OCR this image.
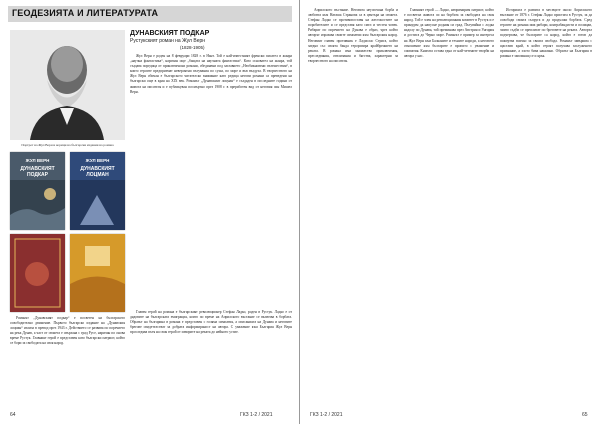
ГЕОДЕЗИЯТА И ЛИТЕРАТУРАТА
ДУНАВСКИЯТ ПОДКАР
Рустукският роман на Жул Верн
(1828-1905)

Жул Верн е роден на 8 февруари 1828 г. в Нант. Той е най-известният френски писател в жанра „научна фантастика“, наричан още „бащата на научната фантастика“. Като основател на жанра, той създава поредица от приключенски романи, обединени под заглавието „Необикновени пътешествия“, в които героите предприемат невероятни пътувания по суша, по море и във въздуха. В творчеството на Жул Верн обичан е българското читателско внимание като редица негови романи са преведени на български още в края на XIX век. Романът „Дунавският лоцман“ е създаден в последните години от живота на писателя и е публикуван посмъртно през 1908 г. в преработен вид от неговия син Мишел Верн.

Портрет на Жул Верн и корици на български издания на романа
ЖУЛ ВЕРН
ДУНАВСКИЯТ ПОДКАР
ЖУЛ ВЕРН
ДУНАВСКИЯТ ЛОЦМАН

Романът „Дунавският подкар“ е посветен на българското освободително движение. Първото българско издание на „Дунавския лоцман“ излиза в превод през 1943 г. Действието се развива по поречието на река Дунав, а част от сюжета е свързана с град Русе, наричан по онова време Рустук. Главният герой е представен като български патриот, който се бори за свободата на своя народ.

Главен герой на романа е българският революционер Стефан Ладко, роден в Рустук. Ладко е от дядовите на българската емиграция, които по време на Априлското въстание се включва в борбата. Образът на българина в романа е представен с голяма симпатия, а описанията на Дунава и неговите брегове свидетелстват за добрата информираност на автора. С уважение към България Жул Верн проследява пътя на своя герой от изворите на реката до нейното устие.

64	ГКЗ 1-2 / 2021

Априлското въстание. Неговата неуспешна борба и любовта към Наташа Странова са в центъра на сюжета. Стефан Ладко се противопоставя на жестокостите на поробителите и се представя като смел и честен човек. Рибарят по поречието на Дунава е образ, чрез който авторът изразява своите симпатии към българския народ. Неговият главен противник е Ладислас Стрига, който заедно със своята банда тероризира крайбрежието на реката. В романа има множество приключения, преследвания, отвличания и бягства, характерни за творчеството на писателя.

Главният герой — Ладко, непримирим патриот, който е посветил живота си на борбата за свободата на своя народ. Той е член на революционния комитет в Рустук и е принуден да напусне родния си град. Пътувайки с лодка надолу по Дунава, той преминава през Австрия и Унгария и достига до Черно море. Романът е пример за интереса на Жул Верн към Балканите и техните народи, а неговото отношение към българите е пропито с уважение и симпатия. Книгата остава една от най-четените творби на автора у нас.

Историята е развита в месеците около Априлското въстание от 1876 г. Стефан Ладко пристига в Рустук, за да освободи своята съпруга и да продължи борбата. Сред героите на романа има рибари, контрабандисти и полицаи, чиито съдби се преплитат по бреговете на реката. Авторът подчертава, че българите са народ, който е готов да пожертва всичко за своята свобода. Романът завършва с щастлив край, в който героят получава заслуженото признание, а злото бива наказано. Образът на България в романа е запомнящ се и ярък.

ГКЗ 1-2 / 2021	65
